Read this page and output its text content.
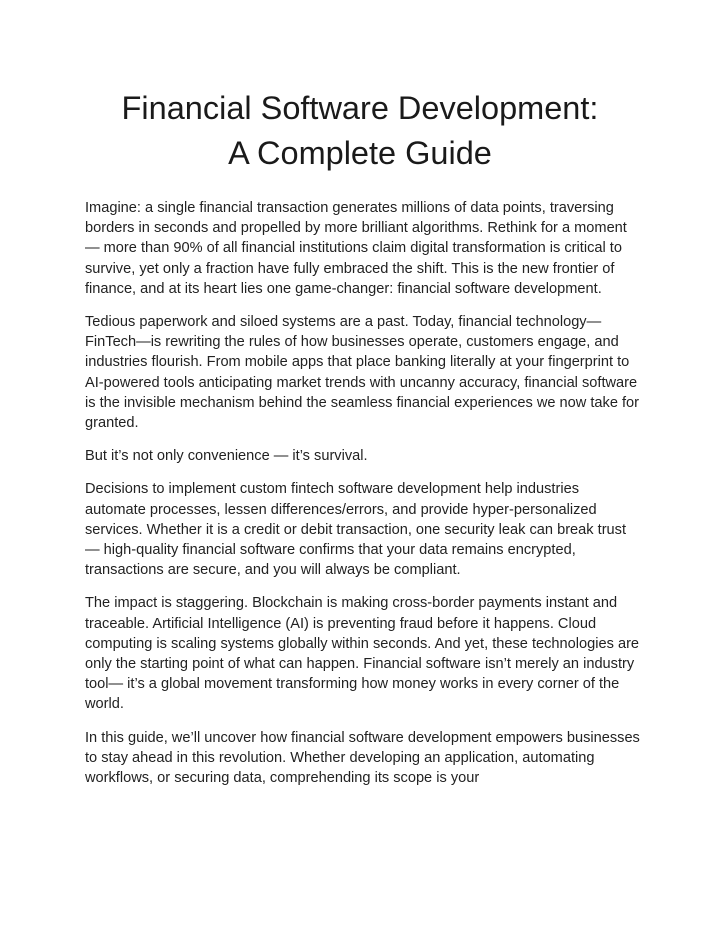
Financial Software Development:
A Complete Guide

Imagine: a single financial transaction generates millions of data points, traversing borders in seconds and propelled by more brilliant algorithms. Rethink for a moment — more than 90% of all financial institutions claim digital transformation is critical to survive, yet only a fraction have fully embraced the shift. This is the new frontier of finance, and at its heart lies one game-changer: financial software development.

Tedious paperwork and siloed systems are a past. Today, financial technology—FinTech—is rewriting the rules of how businesses operate, customers engage, and industries flourish. From mobile apps that place banking literally at your fingerprint to AI-powered tools anticipating market trends with uncanny accuracy, financial software is the invisible mechanism behind the seamless financial experiences we now take for granted.

But it’s not only convenience — it’s survival.

Decisions to implement custom fintech software development help industries automate processes, lessen differences/errors, and provide hyper-personalized services. Whether it is a credit or debit transaction, one security leak can break trust — high-quality financial software confirms that your data remains encrypted, transactions are secure, and you will always be compliant.

The impact is staggering. Blockchain is making cross-border payments instant and traceable. Artificial Intelligence (AI) is preventing fraud before it happens. Cloud computing is scaling systems globally within seconds. And yet, these technologies are only the starting point of what can happen. Financial software isn’t merely an industry tool— it’s a global movement transforming how money works in every corner of the world.

In this guide, we’ll uncover how financial software development empowers businesses to stay ahead in this revolution. Whether developing an application, automating workflows, or securing data, comprehending its scope is your
